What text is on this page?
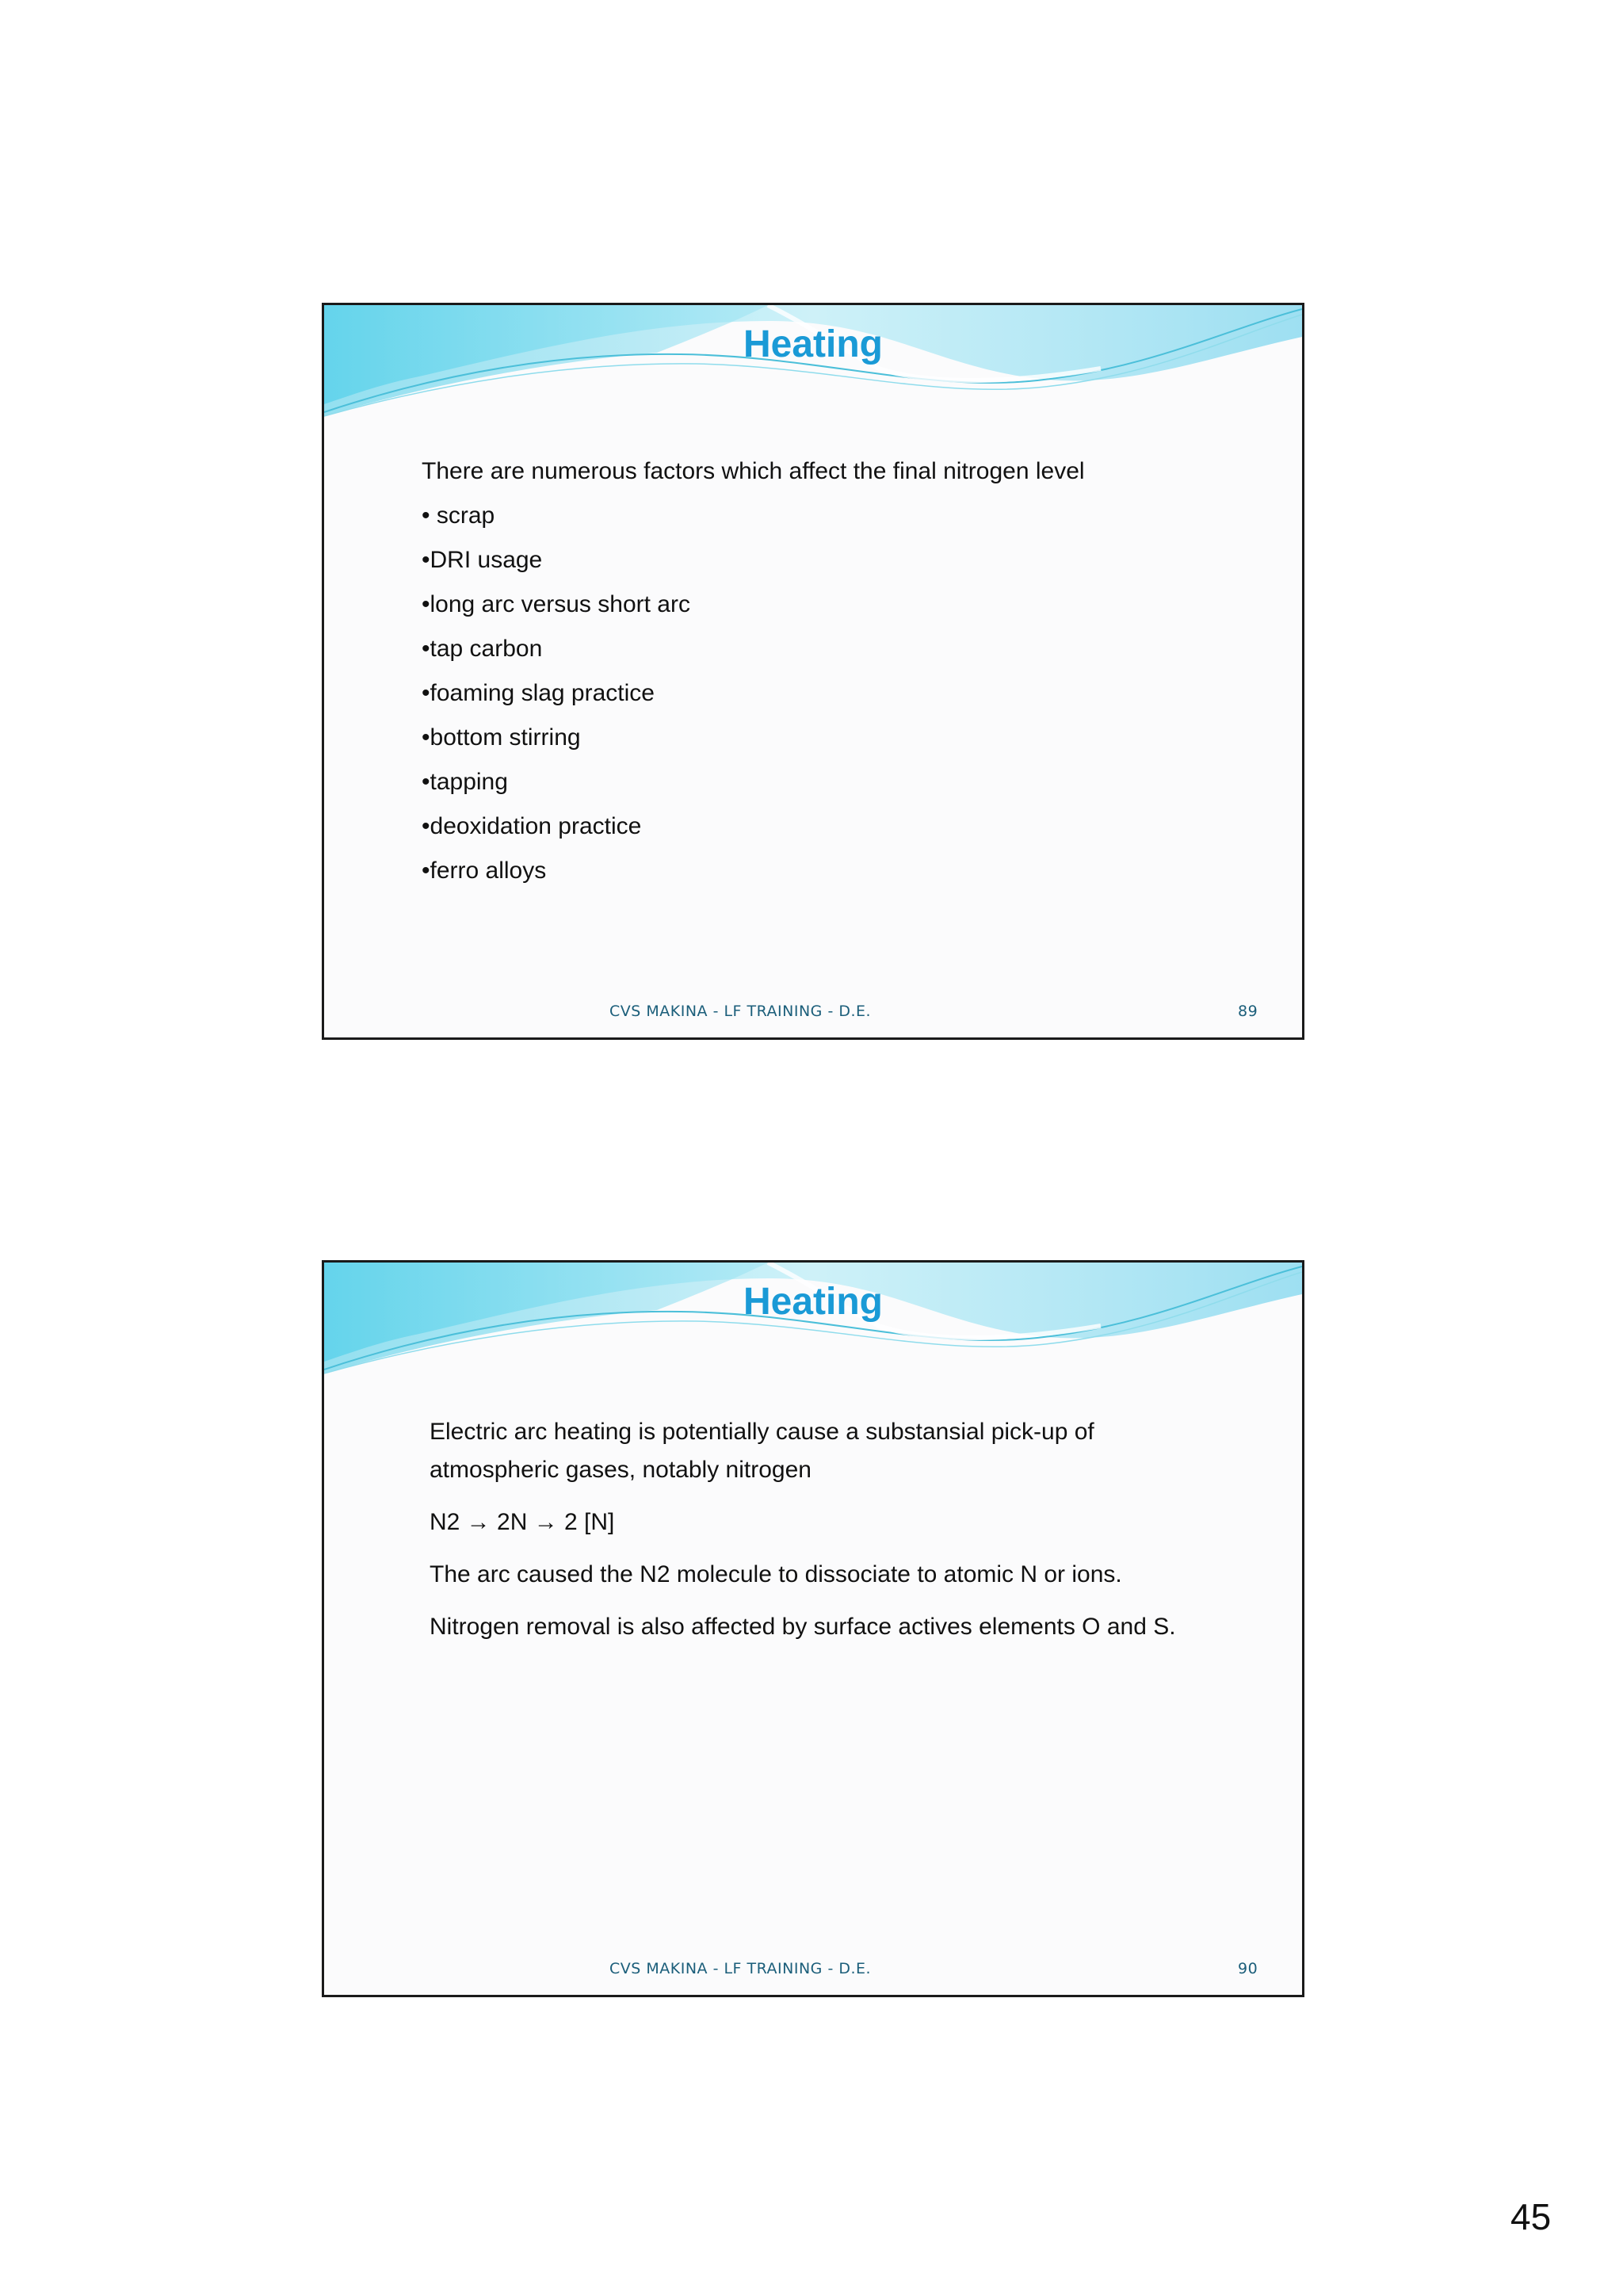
Heating
There are numerous factors which affect the final nitrogen level
• scrap
•DRI usage
•long arc versus short arc
•tap carbon
•foaming slag practice
•bottom stirring
•tapping
•deoxidation practice
•ferro alloys
CVS MAKINA - LF TRAINING - D.E.	89
Heating

Electric arc heating is potentially cause a substansial pick-up of atmospheric gases, notably nitrogen

N2 → 2N → 2 [N]

The arc caused the N2 molecule to dissociate to atomic N or ions.

Nitrogen removal is also affected by surface actives elements O and S.

CVS MAKINA - LF TRAINING - D.E.	90
45
